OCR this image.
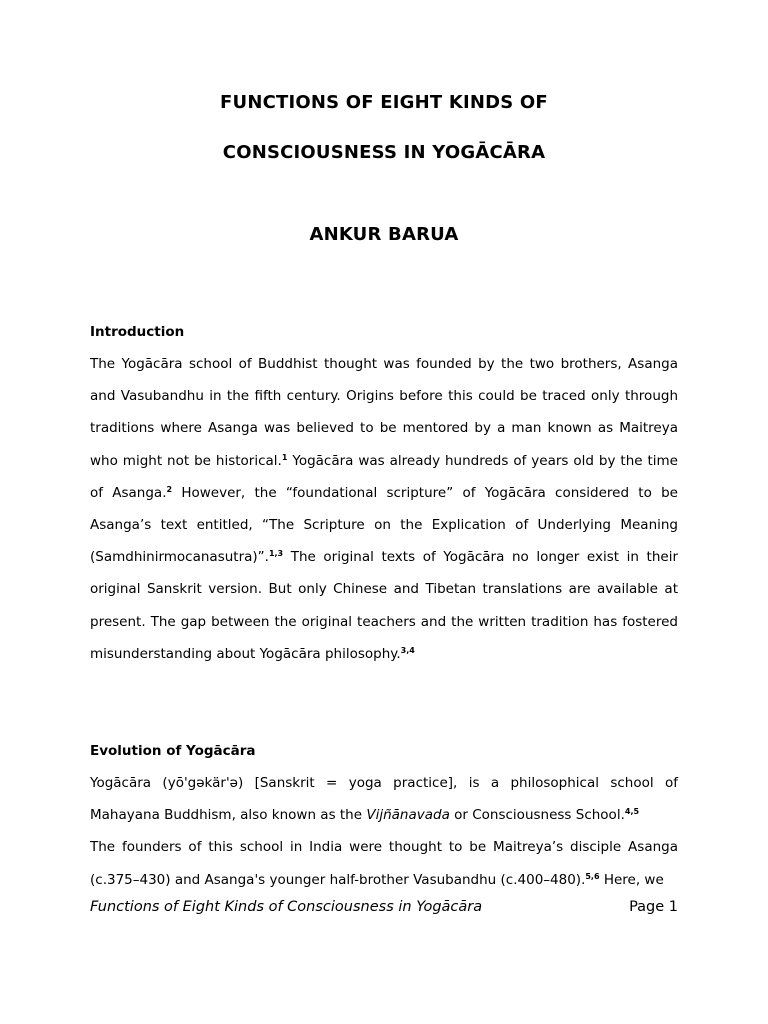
FUNCTIONS OF EIGHT KINDS OF
CONSCIOUSNESS IN YOGĀCĀRA
ANKUR BARUA
Introduction

The Yogācāra school of Buddhist thought was founded by the two brothers, Asanga and Vasubandhu in the fifth century. Origins before this could be traced only through traditions where Asanga was believed to be mentored by a man known as Maitreya who might not be historical.$^1$ Yogācāra was already hundreds of years old by the time of Asanga.$^2$ However, the “foundational scripture” of Yogācāra considered to be Asanga’s text entitled, “The Scripture on the Explication of Underlying Meaning (Samdhinirmocanasutra)”.$^{1,3}$ The original texts of Yogācāra no longer exist in their original Sanskrit version. But only Chinese and Tibetan translations are available at present. The gap between the original teachers and the written tradition has fostered misunderstanding about Yogācāra philosophy.$^{3,4}$

Evolution of Yogācāra

Yogācāra (yō'gəkär'ə) [Sanskrit = yoga practice], is a philosophical school of Mahayana Buddhism, also known as the Vijñānavada or Consciousness School.$^{4,5}$
The founders of this school in India were thought to be Maitreya’s disciple Asanga (c.375–430) and Asanga's younger half-brother Vasubandhu (c.400–480).$^{5,6}$ Here, we

Functions of Eight Kinds of Consciousness in Yogācāra	Page 1
